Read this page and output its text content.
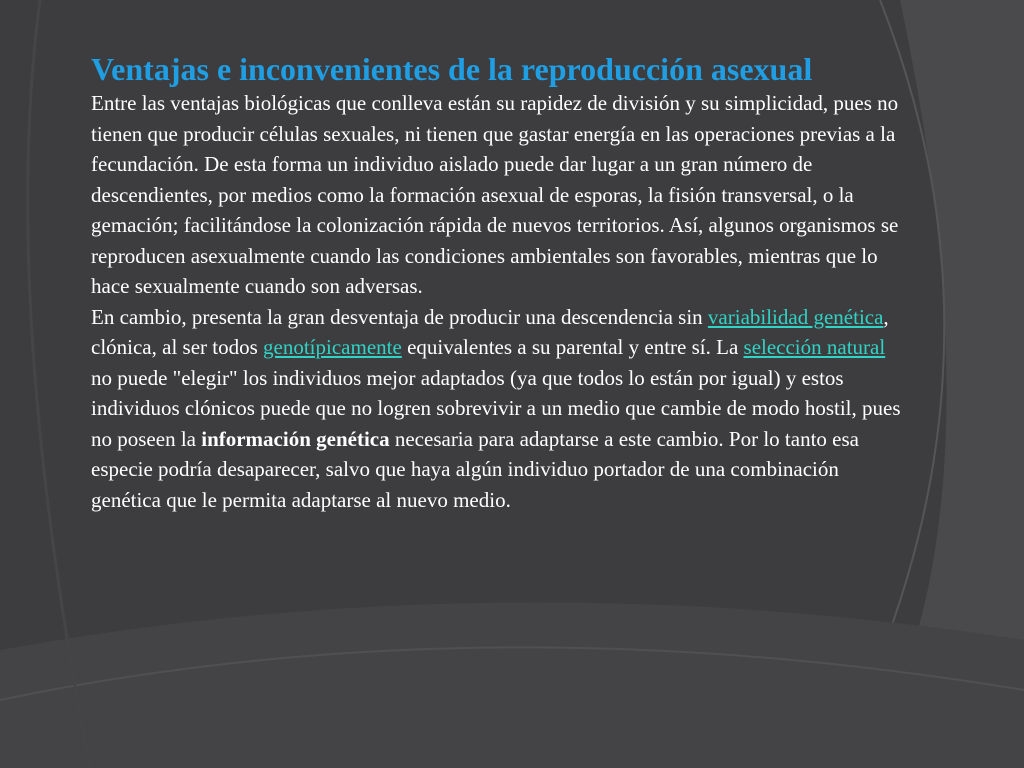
Ventajas e inconvenientes de la reproducción asexual

Entre las ventajas biológicas que conlleva están su rapidez de división y su simplicidad, pues no tienen que producir células sexuales, ni tienen que gastar energía en las operaciones previas a la fecundación. De esta forma un individuo aislado puede dar lugar a un gran número de descendientes, por medios como la formación asexual de esporas, la fisión transversal, o la gemación; facilitándose la colonización rápida de nuevos territorios. Así, algunos organismos se reproducen asexualmente cuando las condiciones ambientales son favorables, mientras que lo hace sexualmente cuando son adversas.

En cambio, presenta la gran desventaja de producir una descendencia sin variabilidad genética, clónica, al ser todos genotípicamente equivalentes a su parental y entre sí. La selección natural no puede "elegir" los individuos mejor adaptados (ya que todos lo están por igual) y estos individuos clónicos puede que no logren sobrevivir a un medio que cambie de modo hostil, pues no poseen la información genética necesaria para adaptarse a este cambio. Por lo tanto esa especie podría desaparecer, salvo que haya algún individuo portador de una combinación genética que le permita adaptarse al nuevo medio.
